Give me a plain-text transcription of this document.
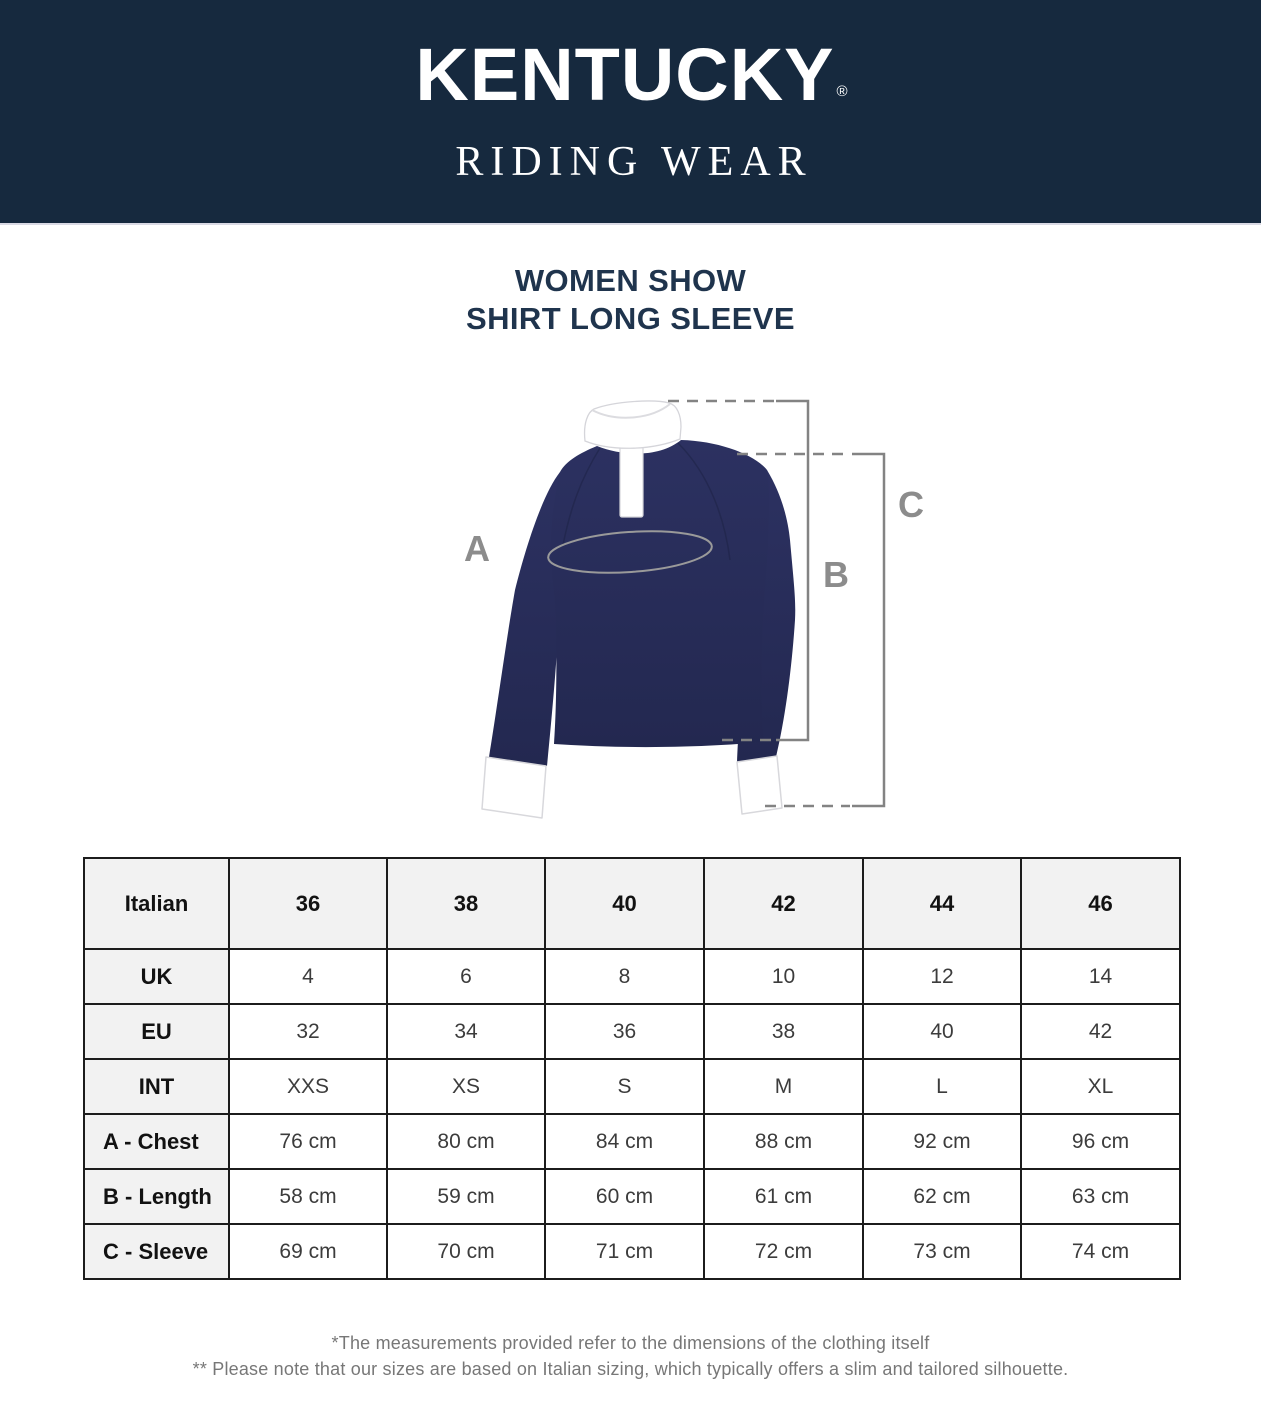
KENTUCKY ®
RIDING WEAR
WOMEN SHOW
SHIRT LONG SLEEVE
A
B
C
Italian	36	38	40	42	44	46
UK	4	6	8	10	12	14
EU	32	34	36	38	40	42
INT	XXS	XS	S	M	L	XL
A - Chest	76 cm	80 cm	84 cm	88 cm	92 cm	96 cm
B - Length	58 cm	59 cm	60 cm	61 cm	62 cm	63 cm
C - Sleeve	69 cm	70 cm	71 cm	72 cm	73 cm	74 cm
*The measurements provided refer to the dimensions of the clothing itself
** Please note that our sizes are based on Italian sizing, which typically offers a slim and tailored silhouette.
